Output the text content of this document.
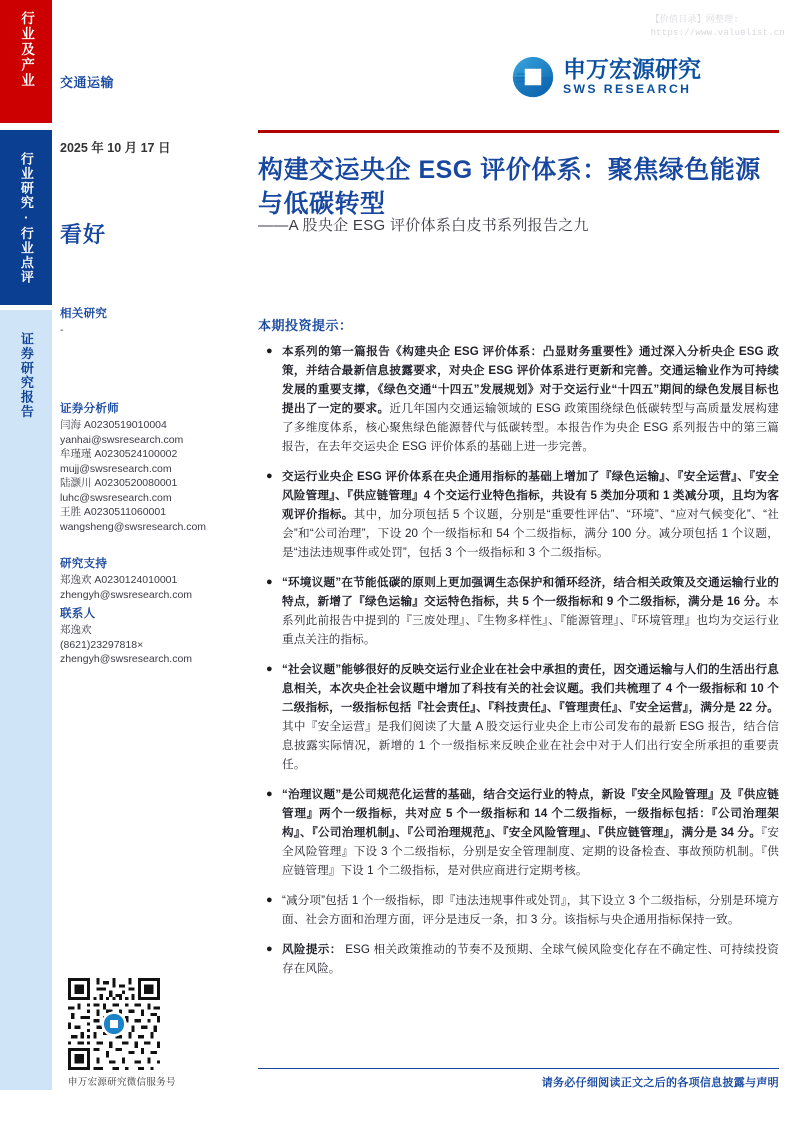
【价值目录】网整理:
https://www.valuelist.cn
行业及产业
行业研究·行业点评
证券研究报告
交通运输
2025 年 10 月 17 日
看好
相关研究
-
证券分析师
闫海 A0230519010004
yanhai@swsresearch.com
牟瑾瑾 A0230524100002
mujj@swsresearch.com
陆灏川 A0230520080001
luhc@swsresearch.com
王胜 A0230511060001
wangsheng@swsresearch.com
研究支持
郑逸欢 A0230124010001
zhengyh@swsresearch.com
联系人
郑逸欢
(8621)23297818×
zhengyh@swsresearch.com
申万宏源研究微信服务号
申万宏源研究
SWS RESEARCH
构建交运央企 ESG 评价体系：聚焦绿色能源与低碳转型
——A 股央企 ESG 评价体系白皮书系列报告之九
本期投资提示：
● 本系列的第一篇报告《构建央企 ESG 评价体系：凸显财务重要性》通过深入分析央企 ESG 政策，并结合最新信息披露要求，对央企 ESG 评价体系进行更新和完善。交通运输业作为可持续发展的重要支撑，《绿色交通“十四五”发展规划》对于交运行业“十四五”期间的绿色发展目标也提出了一定的要求。近几年国内交通运输领域的 ESG 政策围绕绿色低碳转型与高质量发展构建了多维度体系，核心聚焦绿色能源替代与低碳转型。本报告作为央企 ESG 系列报告中的第三篇报告，在去年交运央企 ESG 评价体系的基础上进一步完善。
● 交运行业央企 ESG 评价体系在央企通用指标的基础上增加了『绿色运输』、『安全运营』、『安全风险管理』、『供应链管理』4 个交运行业特色指标，共设有 5 类加分项和 1 类减分项，且均为客观评价指标。其中，加分项包括 5 个议题，分别是“重要性评估”、“环境”、“应对气候变化”、“社会”和“公司治理”，下设 20 个一级指标和 54 个二级指标，满分 100 分。减分项包括 1 个议题，是“违法违规事件或处罚”，包括 3 个一级指标和 3 个二级指标。
● “环境议题”在节能低碳的原则上更加强调生态保护和循环经济，结合相关政策及交通运输行业的特点，新增了『绿色运输』交运特色指标，共 5 个一级指标和 9 个二级指标，满分是 16 分。本系列此前报告中提到的『三废处理』、『生物多样性』、『能源管理』、『环境管理』也均为交运行业重点关注的指标。
● “社会议题”能够很好的反映交运行业企业在社会中承担的责任，因交通运输与人们的生活出行息息相关，本次央企社会议题中增加了科技有关的社会议题。我们共梳理了 4 个一级指标和 10 个二级指标，一级指标包括『社会责任』、『科技责任』、『管理责任』、『安全运营』，满分是 22 分。其中『安全运营』是我们阅读了大量 A 股交运行业央企上市公司发布的最新 ESG 报告，结合信息披露实际情况，新增的 1 个一级指标来反映企业在社会中对于人们出行安全所承担的重要责任。
● “治理议题”是公司规范化运营的基础，结合交运行业的特点，新设『安全风险管理』及『供应链管理』两个一级指标，共对应 5 个一级指标和 14 个二级指标，一级指标包括：『公司治理架构』、『公司治理机制』、『公司治理规范』、『安全风险管理』、『供应链管理』，满分是 34 分。『安全风险管理』下设 3 个二级指标，分别是安全管理制度、定期的设备检查、事故预防机制。『供应链管理』下设 1 个二级指标，是对供应商进行定期考核。
● “减分项”包括 1 个一级指标，即『违法违规事件或处罚』，其下设立 3 个二级指标，分别是环境方面、社会方面和治理方面，评分是违反一条，扣 3 分。该指标与央企通用指标保持一致。
● 风险提示： ESG 相关政策推动的节奏不及预期、全球气候风险变化存在不确定性、可持续投资存在风险。
请务必仔细阅读正文之后的各项信息披露与声明
